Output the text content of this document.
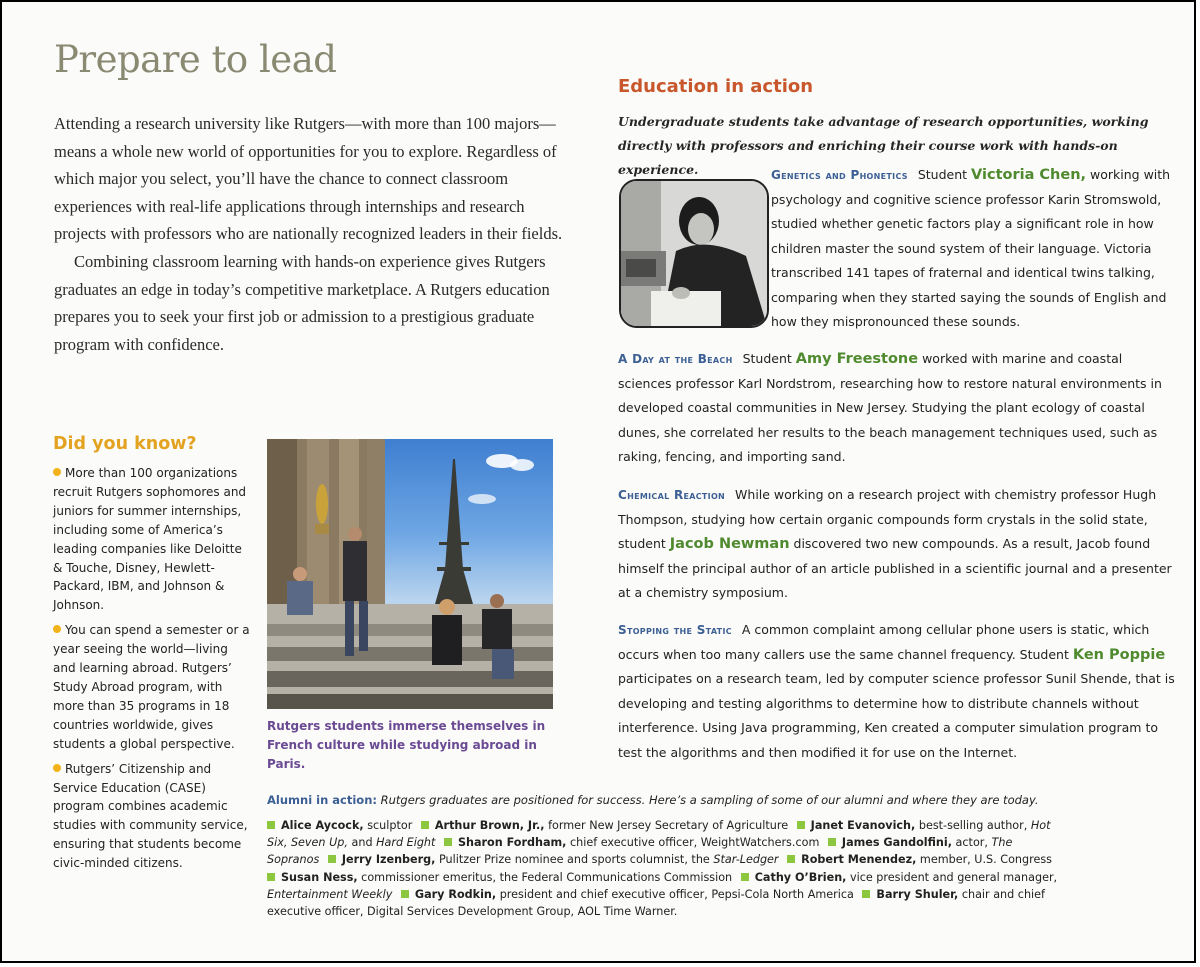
Prepare to lead

Attending a research university like Rutgers—with more than 100 majors—means a whole new world of opportunities for you to explore. Regardless of which major you select, you’ll have the chance to connect classroom experiences with real-life applications through internships and research projects with professors who are nationally recognized leaders in their fields.

Combining classroom learning with hands-on experience gives Rutgers graduates an edge in today’s competitive marketplace. A Rutgers education prepares you to seek your first job or admission to a prestigious graduate program with confidence.

Did you know?
More than 100 organizations recruit Rutgers sophomores and juniors for summer internships, including some of America’s leading companies like Deloitte & Touche, Disney, Hewlett-Packard, IBM, and Johnson & Johnson.
You can spend a semester or a year seeing the world—living and learning abroad. Rutgers’ Study Abroad program, with more than 35 programs in 18 countries worldwide, gives students a global perspective.
Rutgers’ Citizenship and Service Education (CASE) program combines academic studies with community service, ensuring that students become civic-minded citizens.
Rutgers students immerse themselves in French culture while studying abroad in Paris.
Education in action
Undergraduate students take advantage of research opportunities, working directly with professors and enriching their course work with hands-on experience.	Genetics and Phonetics Student Victoria Chen, working with psychology and cognitive science professor Karin Stromswold, studied whether genetic factors play a significant role in how children master the sound system of their language. Victoria transcribed 141 tapes of fraternal and identical twins talking, comparing when they started saying the sounds of English and how they mispronounced these sounds.
A Day at the Beach Student Amy Freestone worked with marine and coastal sciences professor Karl Nordstrom, researching how to restore natural environments in developed coastal communities in New Jersey. Studying the plant ecology of coastal dunes, she correlated her results to the beach management techniques used, such as raking, fencing, and importing sand.
Chemical Reaction While working on a research project with chemistry professor Hugh Thompson, studying how certain organic compounds form crystals in the solid state, student Jacob Newman discovered two new compounds. As a result, Jacob found himself the principal author of an article published in a scientific journal and a presenter at a chemistry symposium.
Stopping the Static A common complaint among cellular phone users is static, which occurs when too many callers use the same channel frequency. Student Ken Poppie participates on a research team, led by computer science professor Sunil Shende, that is developing and testing algorithms to determine how to distribute channels without interference. Using Java programming, Ken created a computer simulation program to test the algorithms and then modified it for use on the Internet.
Alumni in action: Rutgers graduates are positioned for success. Here’s a sampling of some of our alumni and where they are today.
Alice Aycock, sculptor Arthur Brown, Jr., former New Jersey Secretary of Agriculture Janet Evanovich, best-selling author, Hot Six, Seven Up, and Hard Eight Sharon Fordham, chief executive officer, WeightWatchers.com James Gandolfini, actor, The Sopranos Jerry Izenberg, Pulitzer Prize nominee and sports columnist, the Star-Ledger Robert Menendez, member, U.S. Congress Susan Ness, commissioner emeritus, the Federal Communications Commission Cathy O’Brien, vice president and general manager, Entertainment Weekly Gary Rodkin, president and chief executive officer, Pepsi-Cola North America Barry Shuler, chair and chief executive officer, Digital Services Development Group, AOL Time Warner.
